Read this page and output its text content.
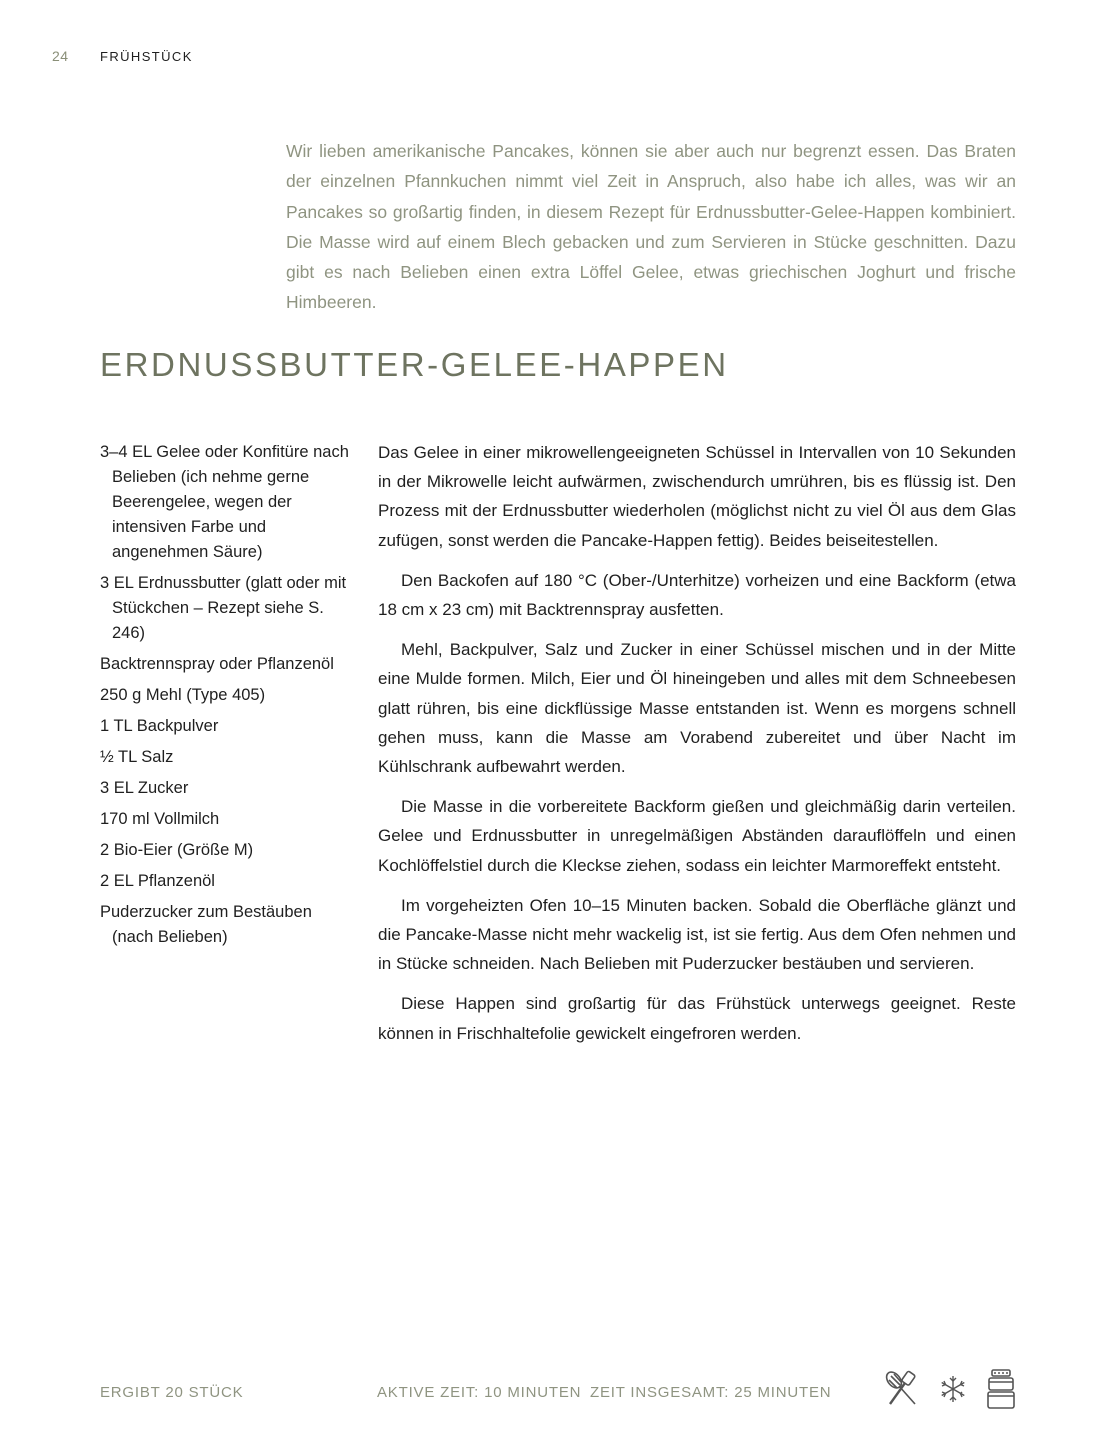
24	FRÜHSTÜCK

Wir lieben amerikanische Pancakes, können sie aber auch nur begrenzt essen. Das Braten der einzelnen Pfannkuchen nimmt viel Zeit in Anspruch, also habe ich alles, was wir an Pancakes so großartig finden, in diesem Rezept für Erdnussbutter-Gelee-Happen kombiniert. Die Masse wird auf einem Blech gebacken und zum Servieren in Stücke geschnitten. Dazu gibt es nach Belieben einen extra Löffel Gelee, etwas griechischen Joghurt und frische Himbeeren.

ERDNUSSBUTTER-GELEE-HAPPEN
3–4 EL Gelee oder Konfitüre nach Belieben (ich nehme gerne Beerengelee, wegen der intensiven Farbe und angenehmen Säure)
3 EL Erdnussbutter (glatt oder mit Stückchen – Rezept siehe S. 246)
Backtrennspray oder Pflanzenöl
250 g Mehl (Type 405)
1 TL Backpulver
½ TL Salz
3 EL Zucker
170 ml Vollmilch
2 Bio-Eier (Größe M)
2 EL Pflanzenöl
Puderzucker zum Bestäuben (nach Belieben)

Das Gelee in einer mikrowellengeeigneten Schüssel in Intervallen von 10 Sekunden in der Mikrowelle leicht aufwärmen, zwischendurch umrühren, bis es flüssig ist. Den Prozess mit der Erdnussbutter wiederholen (möglichst nicht zu viel Öl aus dem Glas zufügen, sonst werden die Pancake-Happen fettig). Beides beiseitestellen.

Den Backofen auf 180 °C (Ober-/Unterhitze) vorheizen und eine Backform (etwa 18 cm x 23 cm) mit Backtrennspray ausfetten.

Mehl, Backpulver, Salz und Zucker in einer Schüssel mischen und in der Mitte eine Mulde formen. Milch, Eier und Öl hineingeben und alles mit dem Schneebesen glatt rühren, bis eine dickflüssige Masse entstanden ist. Wenn es morgens schnell gehen muss, kann die Masse am Vorabend zubereitet und über Nacht im Kühlschrank aufbewahrt werden.

Die Masse in die vorbereitete Backform gießen und gleichmäßig darin verteilen. Gelee und Erdnussbutter in unregelmäßigen Abständen darauflöffeln und einen Kochlöffelstiel durch die Kleckse ziehen, sodass ein leichter Marmoreffekt entsteht.

Im vorgeheizten Ofen 10–15 Minuten backen. Sobald die Oberfläche glänzt und die Pancake-Masse nicht mehr wackelig ist, ist sie fertig. Aus dem Ofen nehmen und in Stücke schneiden. Nach Belieben mit Puderzucker bestäuben und servieren.

Diese Happen sind großartig für das Frühstück unterwegs geeignet. Reste können in Frischhaltefolie gewickelt eingefroren werden.

ERGIBT 20 STÜCK	AKTIVE ZEIT: 10 MINUTEN ZEIT INSGESAMT: 25 MINUTEN
